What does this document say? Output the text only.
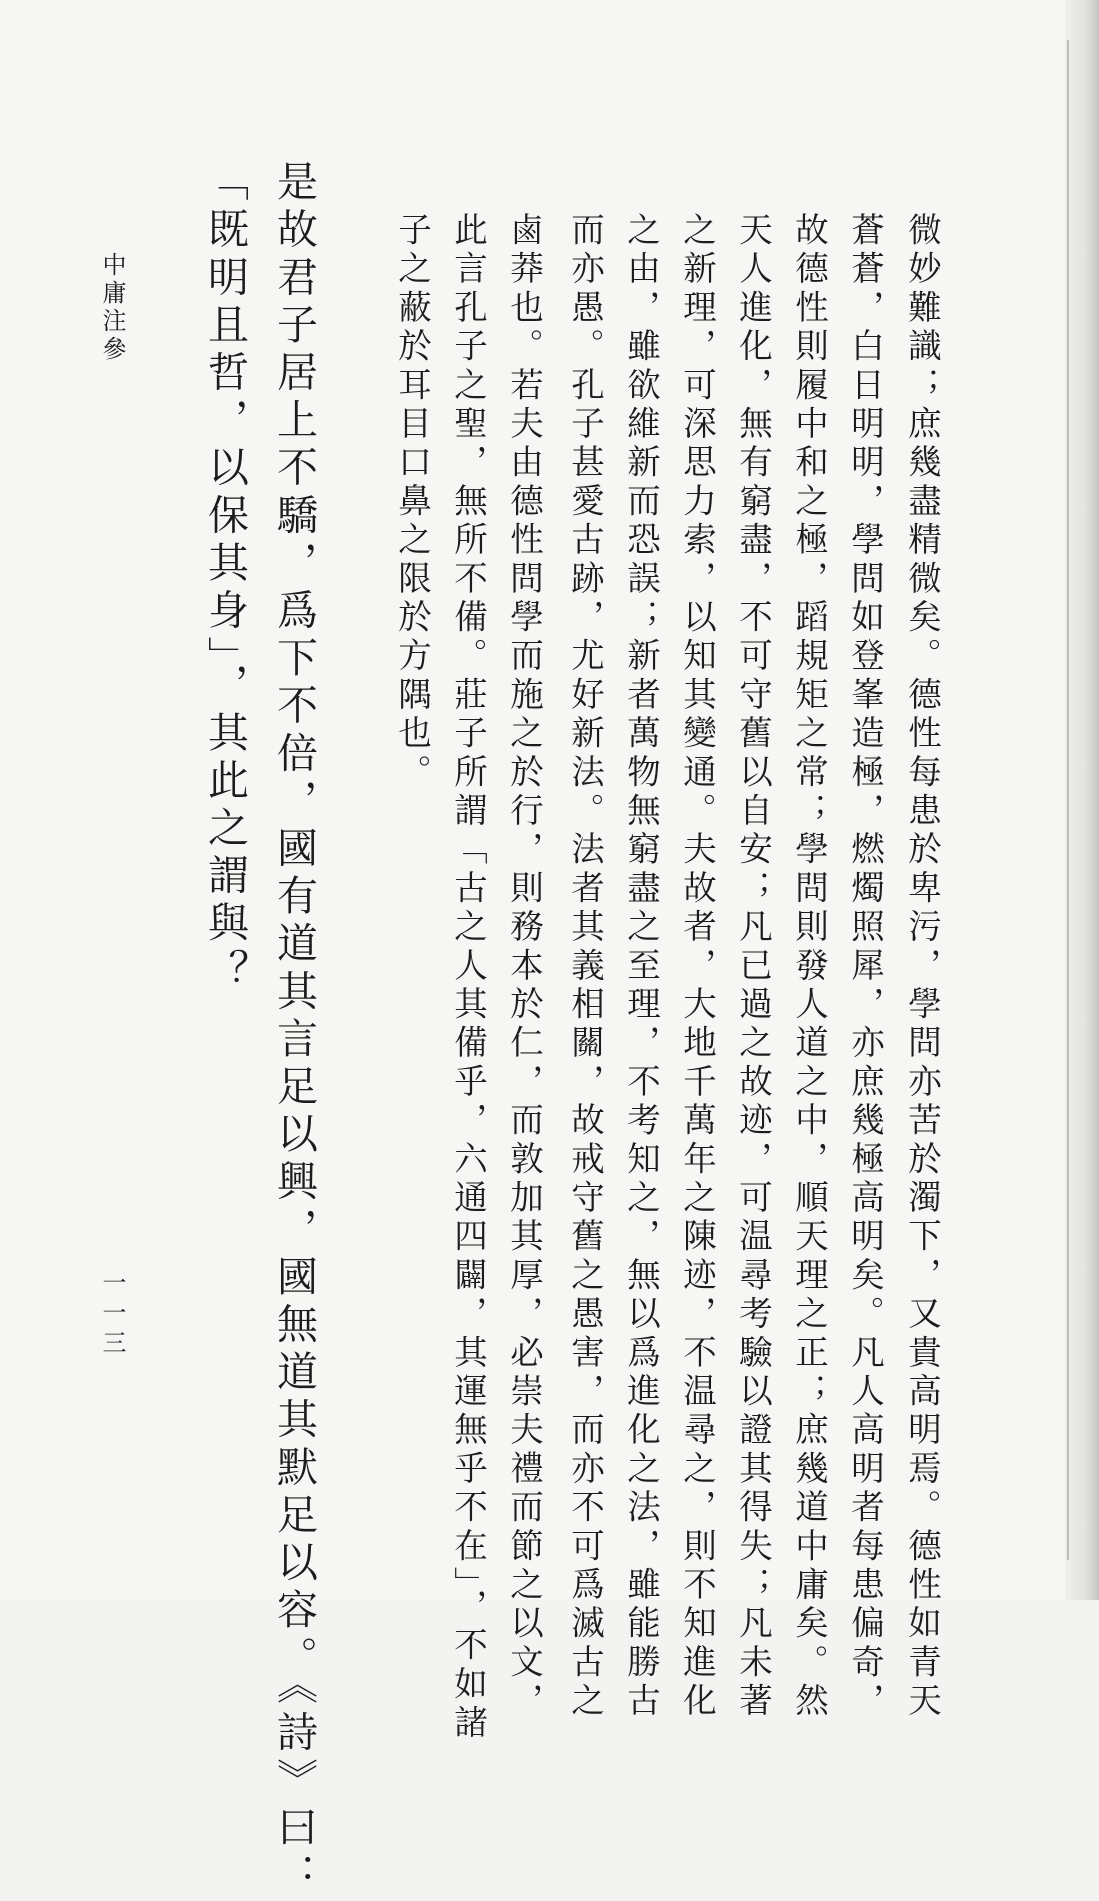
微妙難識；庶幾盡精微矣。德性每患於卑污，學問亦苦於濁下，又貴高明焉。德性如青天
蒼蒼，白日明明，學問如登峯造極，燃燭照犀，亦庶幾極高明矣。凡人高明者每患偏奇，
故德性則履中和之極，蹈規矩之常；學問則發人道之中，順天理之正；庶幾道中庸矣。然
天人進化，無有窮盡，不可守舊以自安；凡已過之故迹，可温尋考驗以證其得失；凡未著
之新理，可深思力索，以知其變通。夫故者，大地千萬年之陳迹，不温尋之，則不知進化
之由，雖欲維新而恐誤；新者萬物無窮盡之至理，不考知之，無以爲進化之法，雖能勝古
而亦愚。孔子甚愛古跡，尤好新法。法者其義相關，故戒守舊之愚害，而亦不可爲滅古之
鹵莽也。若夫由德性問學而施之於行，則務本於仁，而敦加其厚，必崇夫禮而節之以文，
此言孔子之聖，無所不備。莊子所謂「古之人其備乎，六通四闢，其運無乎不在」，不如諸
子之蔽於耳目口鼻之限於方隅也。
是故君子居上不驕，爲下不倍，國有道其言足以興，國無道其默足以容。《詩》曰：
「既明且哲，以保其身」，其此之謂與？
中庸注參
一一三
